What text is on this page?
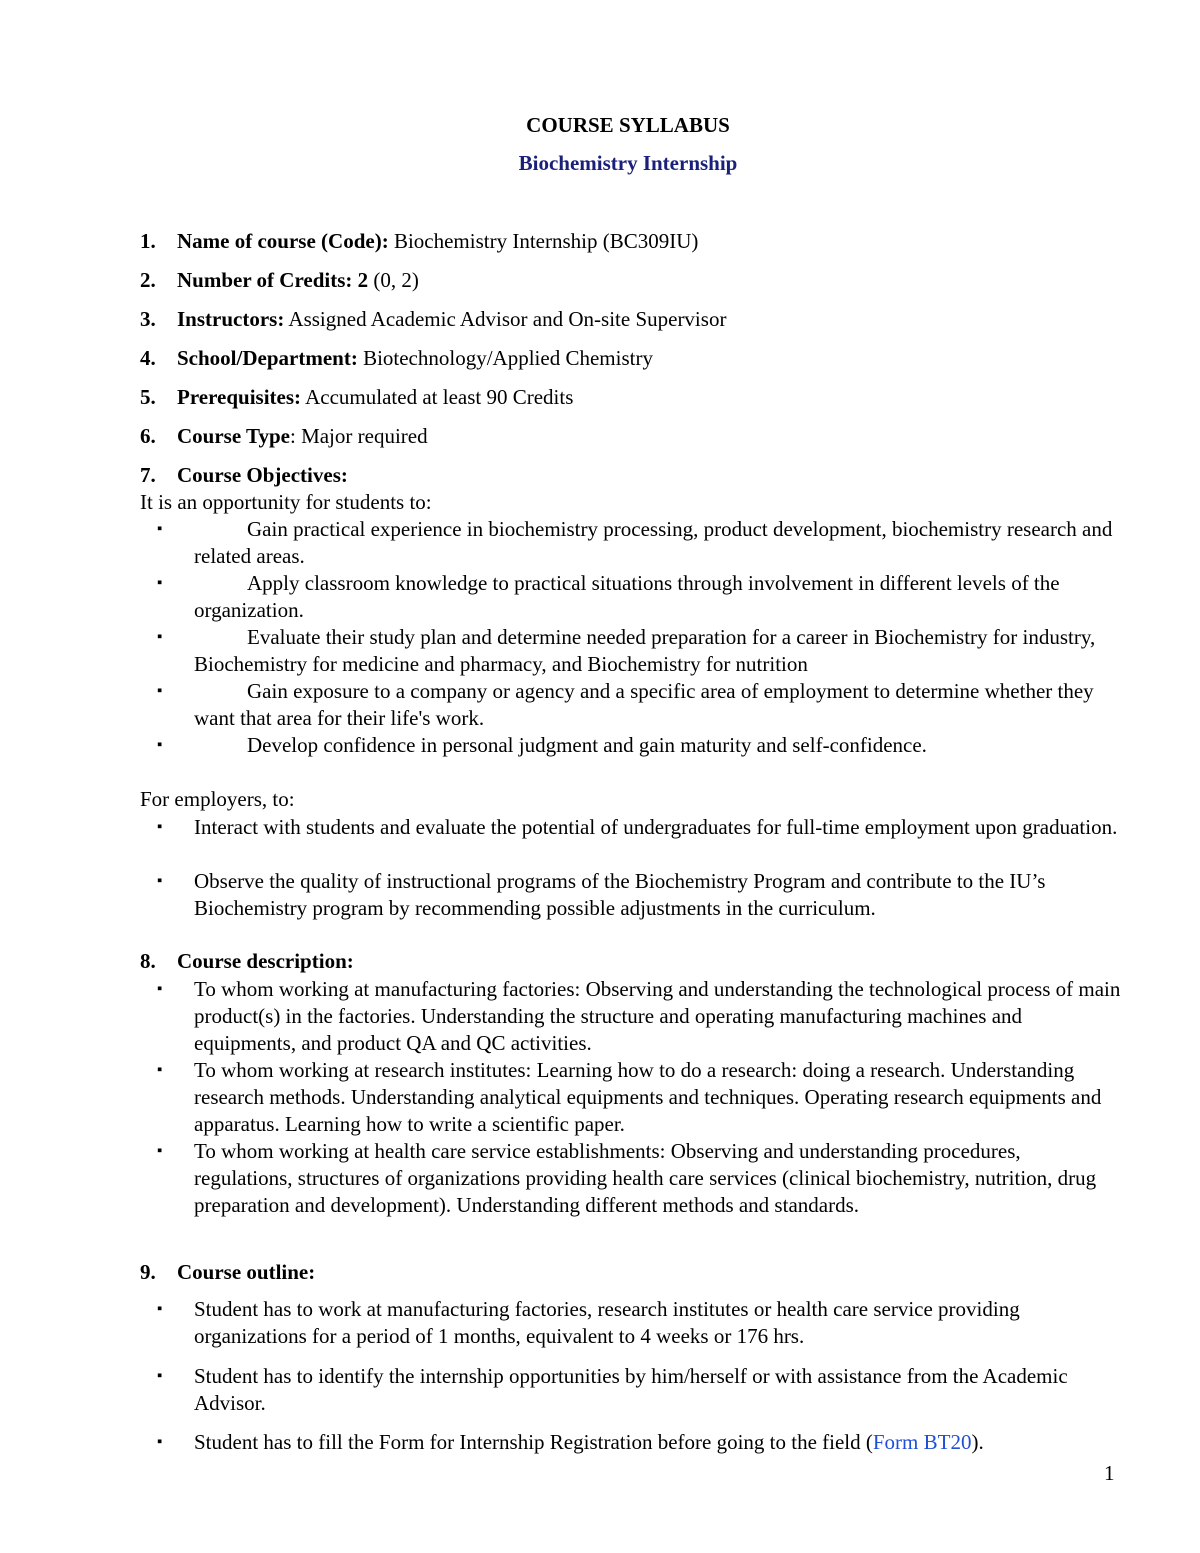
COURSE SYLLABUS
Biochemistry Internship
1. Name of course (Code): Biochemistry Internship (BC309IU)
2. Number of Credits: 2 (0, 2)
3. Instructors: Assigned Academic Advisor and On-site Supervisor
4. School/Department: Biotechnology/Applied Chemistry
5. Prerequisites: Accumulated at least 90 Credits
6. Course Type: Major required
7. Course Objectives:
It is an opportunity for students to:
▪	Gain practical experience in biochemistry processing, product development, biochemistry research and related areas.
▪	Apply classroom knowledge to practical situations through involvement in different levels of the organization.
▪	Evaluate their study plan and determine needed preparation for a career in Biochemistry for industry, Biochemistry for medicine and pharmacy, and Biochemistry for nutrition
▪	Gain exposure to a company or agency and a specific area of employment to determine whether they want that area for their life's work.
▪	Develop confidence in personal judgment and gain maturity and self-confidence.
For employers, to:
▪	Interact with students and evaluate the potential of undergraduates for full-time employment upon graduation.
▪	Observe the quality of instructional programs of the Biochemistry Program and contribute to the IU’s Biochemistry program by recommending possible adjustments in the curriculum.
8. Course description:
▪	To whom working at manufacturing factories: Observing and understanding the technological process of main product(s) in the factories. Understanding the structure and operating manufacturing machines and equipments, and product QA and QC activities.
▪	To whom working at research institutes: Learning how to do a research: doing a research. Understanding research methods. Understanding analytical equipments and techniques. Operating research equipments and apparatus. Learning how to write a scientific paper.
▪	To whom working at health care service establishments: Observing and understanding procedures, regulations, structures of organizations providing health care services (clinical biochemistry, nutrition, drug preparation and development). Understanding different methods and standards.
9. Course outline:
▪	Student has to work at manufacturing factories, research institutes or health care service providing organizations for a period of 1 months, equivalent to 4 weeks or 176 hrs.
▪	Student has to identify the internship opportunities by him/herself or with assistance from the Academic Advisor.
▪	Student has to fill the Form for Internship Registration before going to the field (Form BT20).
1
